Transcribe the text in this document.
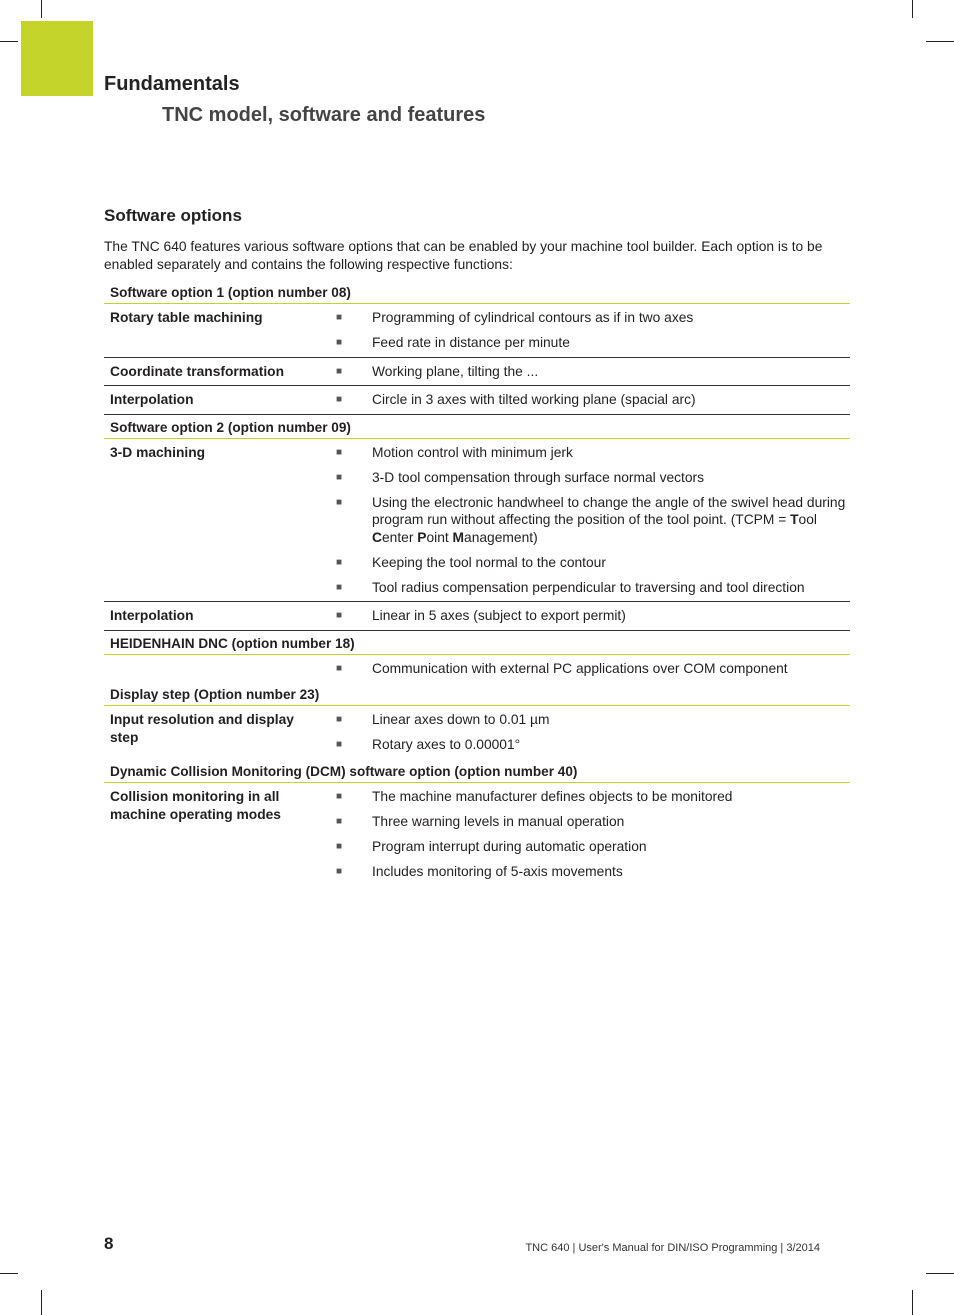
Fundamentals
TNC model, software and features
Software options
The TNC 640 features various software options that can be enabled by your machine tool builder. Each option is to be enabled separately and contains the following respective functions:
Software option 1 (option number 08)
Rotary table machining	■	Programming of cylindrical contours as if in two axes
■	Feed rate in distance per minute
Coordinate transformation	■	Working plane, tilting the ...
Interpolation	■	Circle in 3 axes with tilted working plane (spacial arc)
Software option 2 (option number 09)
3-D machining	■	Motion control with minimum jerk
■	3-D tool compensation through surface normal vectors
■	Using the electronic handwheel to change the angle of the swivel head during program run without affecting the position of the tool point. (TCPM = Tool Center Point Management)
■	Keeping the tool normal to the contour
■	Tool radius compensation perpendicular to traversing and tool direction
Interpolation	■	Linear in 5 axes (subject to export permit)
HEIDENHAIN DNC (option number 18)
■	Communication with external PC applications over COM component
Display step (Option number 23)
Input resolution and display step
■	Linear axes down to 0.01 µm
■	Rotary axes to 0.00001°
Dynamic Collision Monitoring (DCM) software option (option number 40)
Collision monitoring in all machine operating modes
■	The machine manufacturer defines objects to be monitored
■	Three warning levels in manual operation
■	Program interrupt during automatic operation
■	Includes monitoring of 5-axis movements
8	TNC 640 | User's Manual for DIN/ISO Programming | 3/2014
